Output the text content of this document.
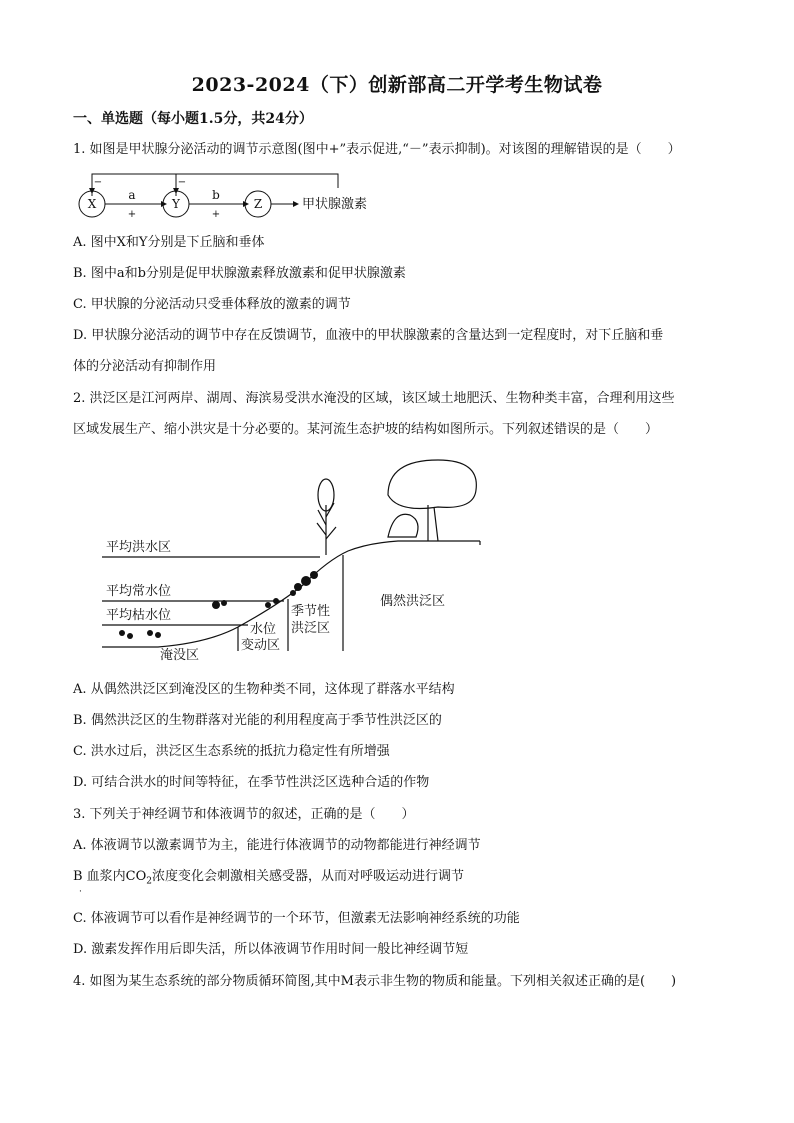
2023-2024（下）创新部高二开学考生物试卷
一、单选题（每小题1.5分，共24分）
1. 如图是甲状腺分泌活动的调节示意图(图中+”表示促进,“－”表示抑制)。对该图的理解错误的是（　　）
X	Y	Z
a	b
+	+
−	−
甲状腺激素
A. 图中X和Y分别是下丘脑和垂体
B. 图中a和b分别是促甲状腺激素释放激素和促甲状腺激素
C. 甲状腺的分泌活动只受垂体释放的激素的调节
D. 甲状腺分泌活动的调节中存在反馈调节，血液中的甲状腺激素的含量达到一定程度时，对下丘脑和垂
体的分泌活动有抑制作用
2. 洪泛区是江河两岸、湖周、海滨易受洪水淹没的区域，该区域土地肥沃、生物种类丰富，合理利用这些
区域发展生产、缩小洪灾是十分必要的。某河流生态护坡的结构如图所示。下列叙述错误的是（　　）
平均洪水区
平均常水位
平均枯水位
淹没区
水位
变动区
季节性
洪泛区
偶然洪泛区
A. 从偶然洪泛区到淹没区的生物种类不同，这体现了群落水平结构
B. 偶然洪泛区的生物群落对光能的利用程度高于季节性洪泛区的
C. 洪水过后，洪泛区生态系统的抵抗力稳定性有所增强
D. 可结合洪水的时间等特征，在季节性洪泛区选种合适的作物
3. 下列关于神经调节和体液调节的叙述，正确的是（　　）
A. 体液调节以激素调节为主，能进行体液调节的动物都能进行神经调节
B 血浆内$CO_2$浓度变化会刺激相关感受器，从而对呼吸运动进行调节
·
C. 体液调节可以看作是神经调节的一个环节，但激素无法影响神经系统的功能
D. 激素发挥作用后即失活，所以体液调节作用时间一般比神经调节短
4. 如图为某生态系统的部分物质循环简图,其中M表示非生物的物质和能量。下列相关叙述正确的是(　　)
